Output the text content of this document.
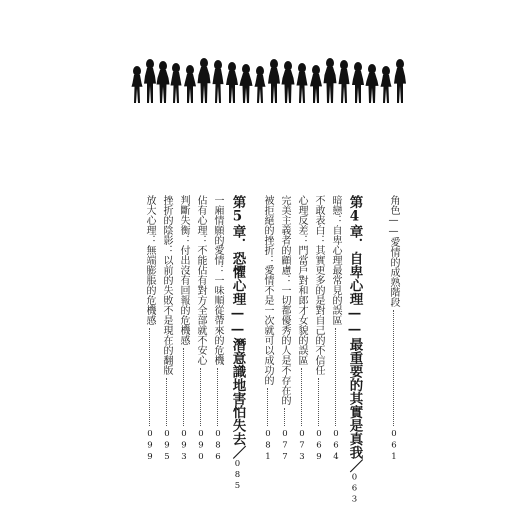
角色——愛情的成熟階段
061
第4章．自卑心理——最重要的其實是真我／063
暗戀：自卑心理最常見的誤區
064
不敢表白：其實更多的是對自己的不信任
069
心理反差：門當戶對和郎才女貌的誤區
073
完美主義者的顧慮：一切都優秀的人是不存在的
077
被拒絕的挫折：愛情不是一次就可以成功的
081
第5章．恐懼心理——潛意識地害怕失去／085
一廂情願的愛情：一味順從帶來的危機
086
佔有心理：不能佔有對方全部就不安心
090
判斷失衡：付出沒有回報的危機感
093
挫折的陰影：以前的失敗不是現在的翻版
095
放大心理：無端膨脹的危機感
099
